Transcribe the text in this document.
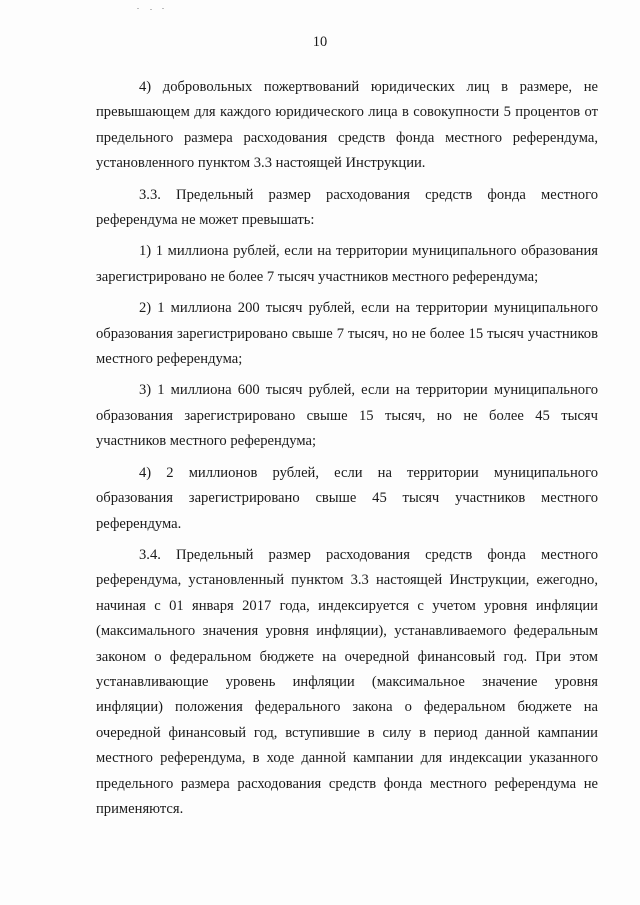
10

4) добровольных пожертвований юридических лиц в размере, не превышающем для каждого юридического лица в совокупности 5 процентов от предельного размера расходования средств фонда местного референдума, установленного пунктом 3.3 настоящей Инструкции.

3.3. Предельный размер расходования средств фонда местного референдума не может превышать:

1) 1 миллиона рублей, если на территории муниципального образования зарегистрировано не более 7 тысяч участников местного референдума;

2) 1 миллиона 200 тысяч рублей, если на территории муниципального образования зарегистрировано свыше 7 тысяч, но не более 15 тысяч участников местного референдума;

3) 1 миллиона 600 тысяч рублей, если на территории муниципального образования зарегистрировано свыше 15 тысяч, но не более 45 тысяч участников местного референдума;

4) 2 миллионов рублей, если на территории муниципального образования зарегистрировано свыше 45 тысяч участников местного референдума.

3.4. Предельный размер расходования средств фонда местного референдума, установленный пунктом 3.3 настоящей Инструкции, ежегодно, начиная с 01 января 2017 года, индексируется с учетом уровня инфляции (максимального значения уровня инфляции), устанавливаемого федеральным законом о федеральном бюджете на очередной финансовый год. При этом устанавливающие уровень инфляции (максимальное значение уровня инфляции) положения федерального закона о федеральном бюджете на очередной финансовый год, вступившие в силу в период данной кампании местного референдума, в ходе данной кампании для индексации указанного предельного размера расходования средств фонда местного референдума не применяются.
